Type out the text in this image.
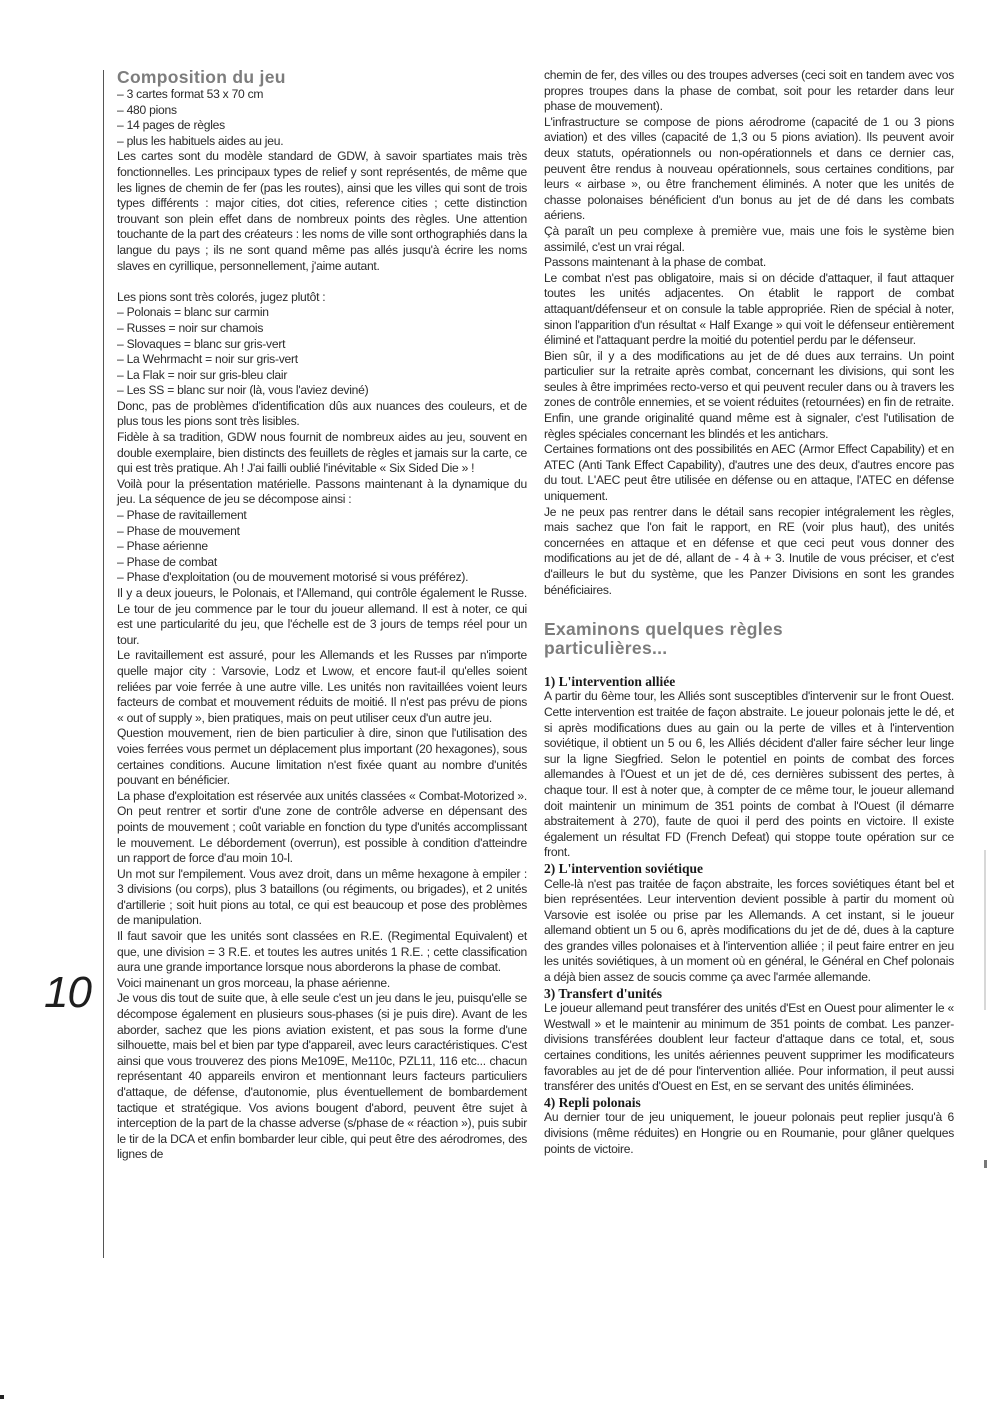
10
Composition du jeu

– 3 cartes format 53 x 70 cm

– 480 pions

– 14 pages de règles

– plus les habituels aides au jeu.

Les cartes sont du modèle standard de GDW, à savoir spartiates mais très fonctionnelles. Les principaux types de relief y sont représentés, de même que les lignes de chemin de fer (pas les routes), ainsi que les villes qui sont de trois types différents : major cities, dot cities, reference cities ; cette distinction trouvant son plein effet dans de nombreux points des règles. Une attention touchante de la part des créateurs : les noms de ville sont orthographiés dans la langue du pays ; ils ne sont quand même pas allés jusqu'à écrire les noms slaves en cyrillique, personnellement, j'aime autant.

Les pions sont très colorés, jugez plutôt :

– Polonais = blanc sur carmin

– Russes = noir sur chamois

– Slovaques = blanc sur gris-vert

– La Wehrmacht = noir sur gris-vert

– La Flak = noir sur gris-bleu clair

– Les SS = blanc sur noir (là, vous l'aviez deviné)

Donc, pas de problèmes d'identification dûs aux nuances des couleurs, et de plus tous les pions sont très lisibles.

Fidèle à sa tradition, GDW nous fournit de nombreux aides au jeu, souvent en double exemplaire, bien distincts des feuillets de règles et jamais sur la carte, ce qui est très pratique. Ah ! J'ai failli oublié l'inévitable « Six Sided Die » !

Voilà pour la présentation matérielle. Passons maintenant à la dynamique du jeu. La séquence de jeu se décompose ainsi :

– Phase de ravitaillement

– Phase de mouvement

– Phase aérienne

– Phase de combat

– Phase d'exploitation (ou de mouvement motorisé si vous préférez).

Il y a deux joueurs, le Polonais, et l'Allemand, qui contrôle également le Russe. Le tour de jeu commence par le tour du joueur allemand. Il est à noter, ce qui est une particularité du jeu, que l'échelle est de 3 jours de temps réel pour un tour.

Le ravitaillement est assuré, pour les Allemands et les Russes par n'importe quelle major city : Varsovie, Lodz et Lwow, et encore faut-il qu'elles soient reliées par voie ferrée à une autre ville. Les unités non ravitaillées voient leurs facteurs de combat et mouvement réduits de moitié. Il n'est pas prévu de pions « out of supply », bien pratiques, mais on peut utiliser ceux d'un autre jeu.

Question mouvement, rien de bien particulier à dire, sinon que l'utilisation des voies ferrées vous permet un déplacement plus important (20 hexagones), sous certaines conditions. Aucune limitation n'est fixée quant au nombre d'unités pouvant en bénéficier.

La phase d'exploitation est réservée aux unités classées « Combat-Motorized ». On peut rentrer et sortir d'une zone de contrôle adverse en dépensant des points de mouvement ; coût variable en fonction du type d'unités accomplissant le mouvement. Le débordement (overrun), est possible à condition d'atteindre un rapport de force d'au moin 10-l.

Un mot sur l'empilement. Vous avez droit, dans un même hexagone à empiler : 3 divisions (ou corps), plus 3 bataillons (ou régiments, ou brigades), et 2 unités d'artillerie ; soit huit pions au total, ce qui est beaucoup et pose des problèmes de manipulation.

Il faut savoir que les unités sont classées en R.E. (Regimental Equivalent) et que, une division = 3 R.E. et toutes les autres unités 1 R.E. ; cette classification aura une grande importance lorsque nous aborderons la phase de combat.

Voici mainenant un gros morceau, la phase aérienne.

Je vous dis tout de suite que, à elle seule c'est un jeu dans le jeu, puisqu'elle se décompose également en plusieurs sous-phases (si je puis dire). Avant de les aborder, sachez que les pions aviation existent, et pas sous la forme d'une silhouette, mais bel et bien par type d'appareil, avec leurs caractéristiques. C'est ainsi que vous trouverez des pions Me109E, Me110c, PZL11, 116 etc... chacun représentant 40 appareils environ et mentionnant leurs facteurs particuliers d'attaque, de défense, d'autonomie, plus éventuellement de bombardement tactique et stratégique. Vos avions bougent d'abord, peuvent être sujet à interception de la part de la chasse adverse (s/phase de « réaction »), puis subir le tir de la DCA et enfin bombarder leur cible, qui peut être des aérodromes, des lignes de

chemin de fer, des villes ou des troupes adverses (ceci soit en tandem avec vos propres troupes dans la phase de combat, soit pour les retarder dans leur phase de mouvement).

L'infrastructure se compose de pions aérodrome (capacité de 1 ou 3 pions aviation) et des villes (capacité de 1,3 ou 5 pions aviation). Ils peuvent avoir deux statuts, opérationnels ou non-opérationnels et dans ce dernier cas, peuvent être rendus à nouveau opérationnels, sous certaines conditions, par leurs « airbase », ou être franchement éliminés. A noter que les unités de chasse polonaises bénéficient d'un bonus au jet de dé dans les combats aériens.

Çà paraît un peu complexe à première vue, mais une fois le système bien assimilé, c'est un vrai régal.

Passons maintenant à la phase de combat.

Le combat n'est pas obligatoire, mais si on décide d'attaquer, il faut attaquer toutes les unités adjacentes. On établit le rapport de combat attaquant/défenseur et on consule la table appropriée. Rien de spécial à noter, sinon l'apparition d'un résultat « Half Exange » qui voit le défenseur entièrement éliminé et l'attaquant perdre la moitié du potentiel perdu par le défenseur.

Bien sûr, il y a des modifications au jet de dé dues aux terrains. Un point particulier sur la retraite après combat, concernant les divisions, qui sont les seules à être imprimées recto-verso et qui peuvent reculer dans ou à travers les zones de contrôle ennemies, et se voient réduites (retournées) en fin de retraite. Enfin, une grande originalité quand même est à signaler, c'est l'utilisation de règles spéciales concernant les blindés et les antichars.

Certaines formations ont des possibilités en AEC (Armor Effect Capability) et en ATEC (Anti Tank Effect Capability), d'autres une des deux, d'autres encore pas du tout. L'AEC peut être utilisée en défense ou en attaque, l'ATEC en défense uniquement.

Je ne peux pas rentrer dans le détail sans recopier intégralement les règles, mais sachez que l'on fait le rapport, en RE (voir plus haut), des unités concernées en attaque et en défense et que ceci peut vous donner des modifications au jet de dé, allant de - 4 à + 3. Inutile de vous préciser, et c'est d'ailleurs le but du système, que les Panzer Divisions en sont les grandes bénéficiaires.

Examinons quelques règles
particulières...
1) L'intervention alliée

A partir du 6ème tour, les Alliés sont susceptibles d'intervenir sur le front Ouest. Cette intervention est traitée de façon abstraite. Le joueur polonais jette le dé, et si après modifications dues au gain ou la perte de villes et à l'intervention soviétique, il obtient un 5 ou 6, les Alliés décident d'aller faire sécher leur linge sur la ligne Siegfried. Selon le potentiel en points de combat des forces allemandes à l'Ouest et un jet de dé, ces dernières subissent des pertes, à chaque tour. Il est à noter que, à compter de ce même tour, le joueur allemand doit maintenir un minimum de 351 points de combat à l'Ouest (il démarre abstraitement à 270), faute de quoi il perd des points en victoire. Il existe également un résultat FD (French Defeat) qui stoppe toute opération sur ce front.

2) L'intervention soviétique

Celle-là n'est pas traitée de façon abstraite, les forces soviétiques étant bel et bien représentées. Leur intervention devient possible à partir du moment où Varsovie est isolée ou prise par les Allemands. A cet instant, si le joueur allemand obtient un 5 ou 6, après modifications du jet de dé, dues à la capture des grandes villes polonaises et à l'intervention alliée ; il peut faire entrer en jeu les unités soviétiques, à un moment où en général, le Général en Chef polonais a déjà bien assez de soucis comme ça avec l'armée allemande.

3) Transfert d'unités

Le joueur allemand peut transférer des unités d'Est en Ouest pour alimenter le « Westwall » et le maintenir au minimum de 351 points de combat. Les panzer-divisions transférées doublent leur facteur d'attaque dans ce total, et, sous certaines conditions, les unités aériennes peuvent supprimer les modificateurs favorables au jet de dé pour l'intervention alliée. Pour information, il peut aussi transférer des unités d'Ouest en Est, en se servant des unités éliminées.

4) Repli polonais

Au dernier tour de jeu uniquement, le joueur polonais peut replier jusqu'à 6 divisions (même réduites) en Hongrie ou en Roumanie, pour glâner quelques points de victoire.
